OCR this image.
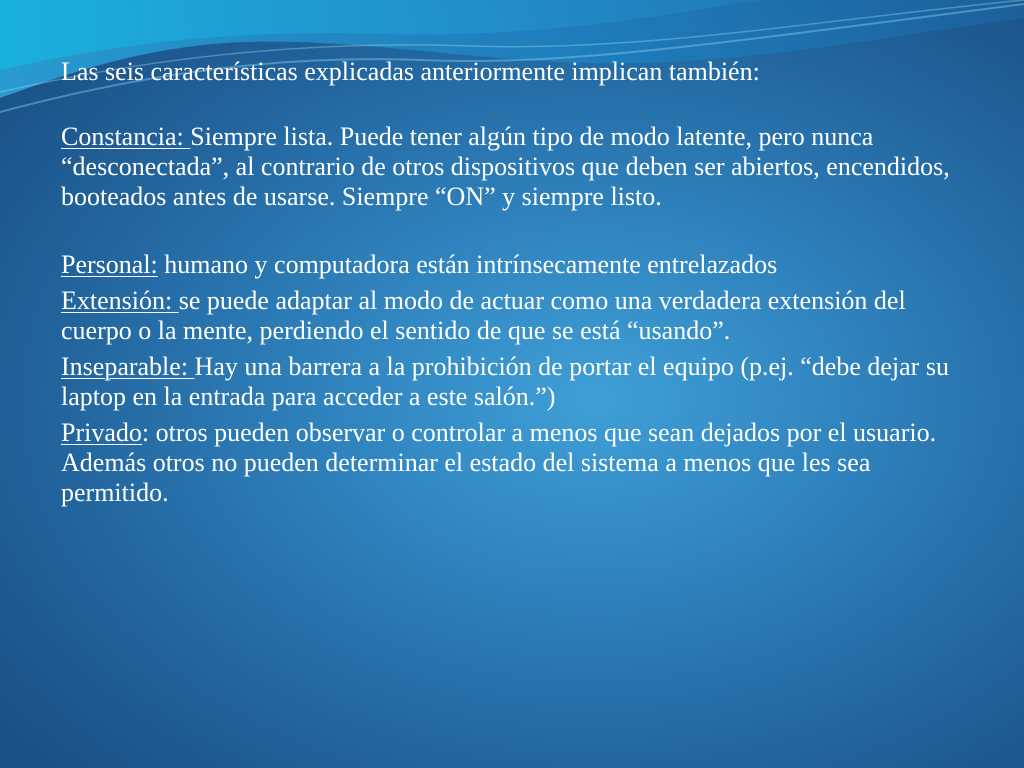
Las seis características explicadas anteriormente implican también:

Constancia: Siempre lista. Puede tener algún tipo de modo latente, pero nunca “desconectada”, al contrario de otros dispositivos que deben ser abiertos, encendidos, booteados antes de usarse. Siempre “ON” y siempre listo.

Personal: humano y computadora están intrínsecamente entrelazados

Extensión: se puede adaptar al modo de actuar como una verdadera extensión del cuerpo o la mente, perdiendo el sentido de que se está “usando”.

Inseparable: Hay una barrera a la prohibición de portar el equipo (p.ej. “debe dejar su laptop en la entrada para acceder a este salón.”)

Privado: otros pueden observar o controlar a menos que sean dejados por el usuario. Además otros no pueden determinar el estado del sistema a menos que les sea permitido.
